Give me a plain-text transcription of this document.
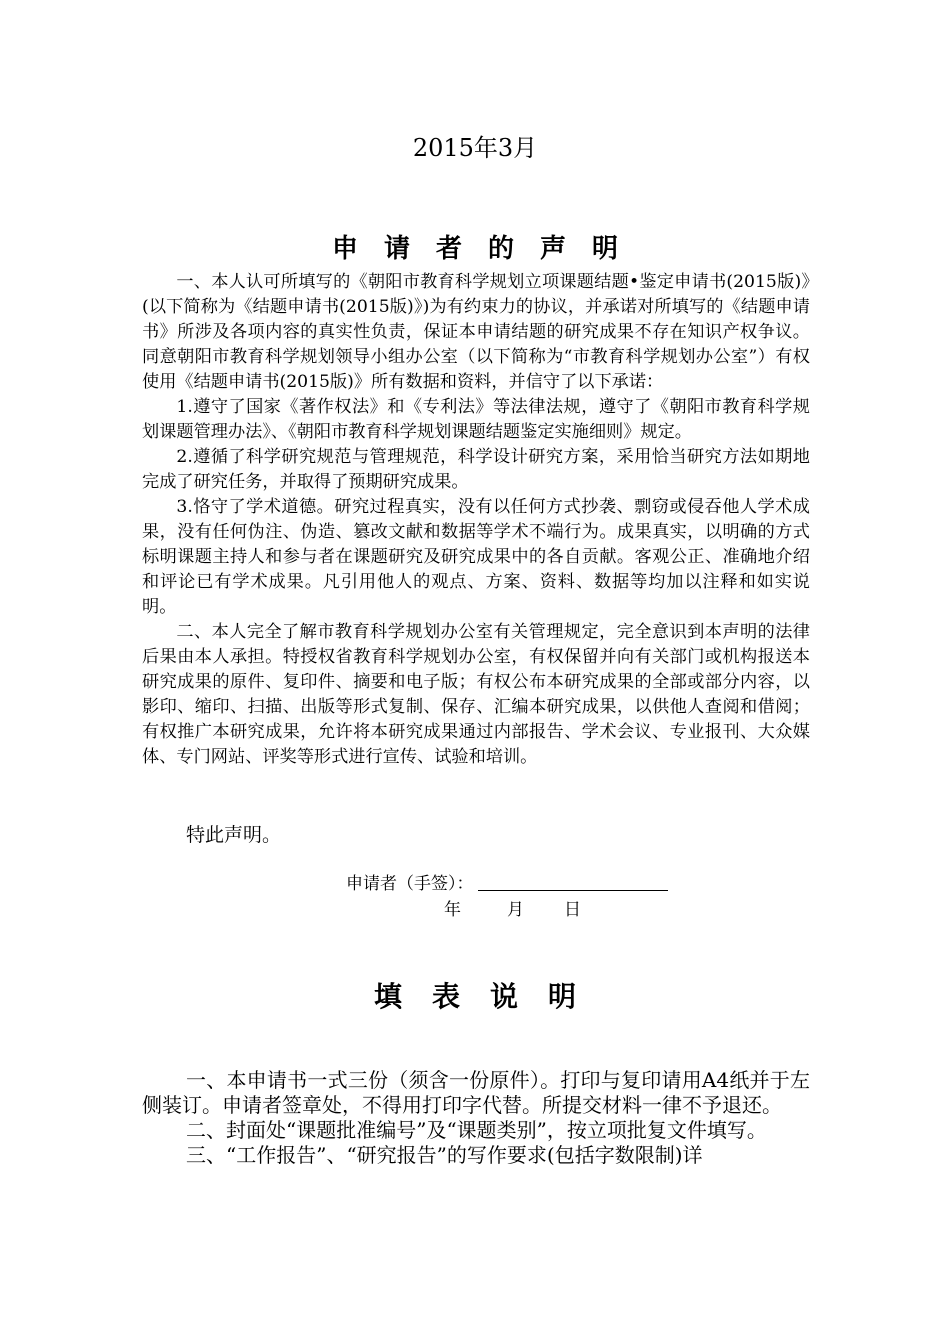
2015年3月
申请者的声明

一、本人认可所填写的《朝阳市教育科学规划立项课题结题•鉴定申请书(2015版)》(以下简称为《结题申请书(2015版)》)为有约束力的协议，并承诺对所填写的《结题申请书》所涉及各项内容的真实性负责，保证本申请结题的研究成果不存在知识产权争议。同意朝阳市教育科学规划领导小组办公室（以下简称为“市教育科学规划办公室”）有权使用《结题申请书(2015版)》所有数据和资料，并信守了以下承诺：

1.遵守了国家《著作权法》和《专利法》等法律法规，遵守了《朝阳市教育科学规划课题管理办法》、《朝阳市教育科学规划课题结题鉴定实施细则》规定。

2.遵循了科学研究规范与管理规范，科学设计研究方案，采用恰当研究方法如期地完成了研究任务，并取得了预期研究成果。

3.恪守了学术道德。研究过程真实，没有以任何方式抄袭、剽窃或侵吞他人学术成果，没有任何伪注、伪造、篡改文献和数据等学术不端行为。成果真实，以明确的方式标明课题主持人和参与者在课题研究及研究成果中的各自贡献。客观公正、准确地介绍和评论已有学术成果。凡引用他人的观点、方案、资料、数据等均加以注释和如实说明。

二、本人完全了解市教育科学规划办公室有关管理规定，完全意识到本声明的法律后果由本人承担。特授权省教育科学规划办公室，有权保留并向有关部门或机构报送本研究成果的原件、复印件、摘要和电子版；有权公布本研究成果的全部或部分内容，以影印、缩印、扫描、出版等形式复制、保存、汇编本研究成果，以供他人查阅和借阅；有权推广本研究成果，允许将本研究成果通过内部报告、学术会议、专业报刊、大众媒体、专门网站、评奖等形式进行宣传、试验和培训。

特此声明。
申请者（手签）：
年	月 日
填表说明

一、本申请书一式三份（须含一份原件）。打印与复印请用A4纸并于左侧装订。申请者签章处，不得用打印字代替。所提交材料一律不予退还。

二、封面处“课题批准编号”及“课题类别”，按立项批复文件填写。

三、“工作报告”、“研究报告”的写作要求(包括字数限制)详
